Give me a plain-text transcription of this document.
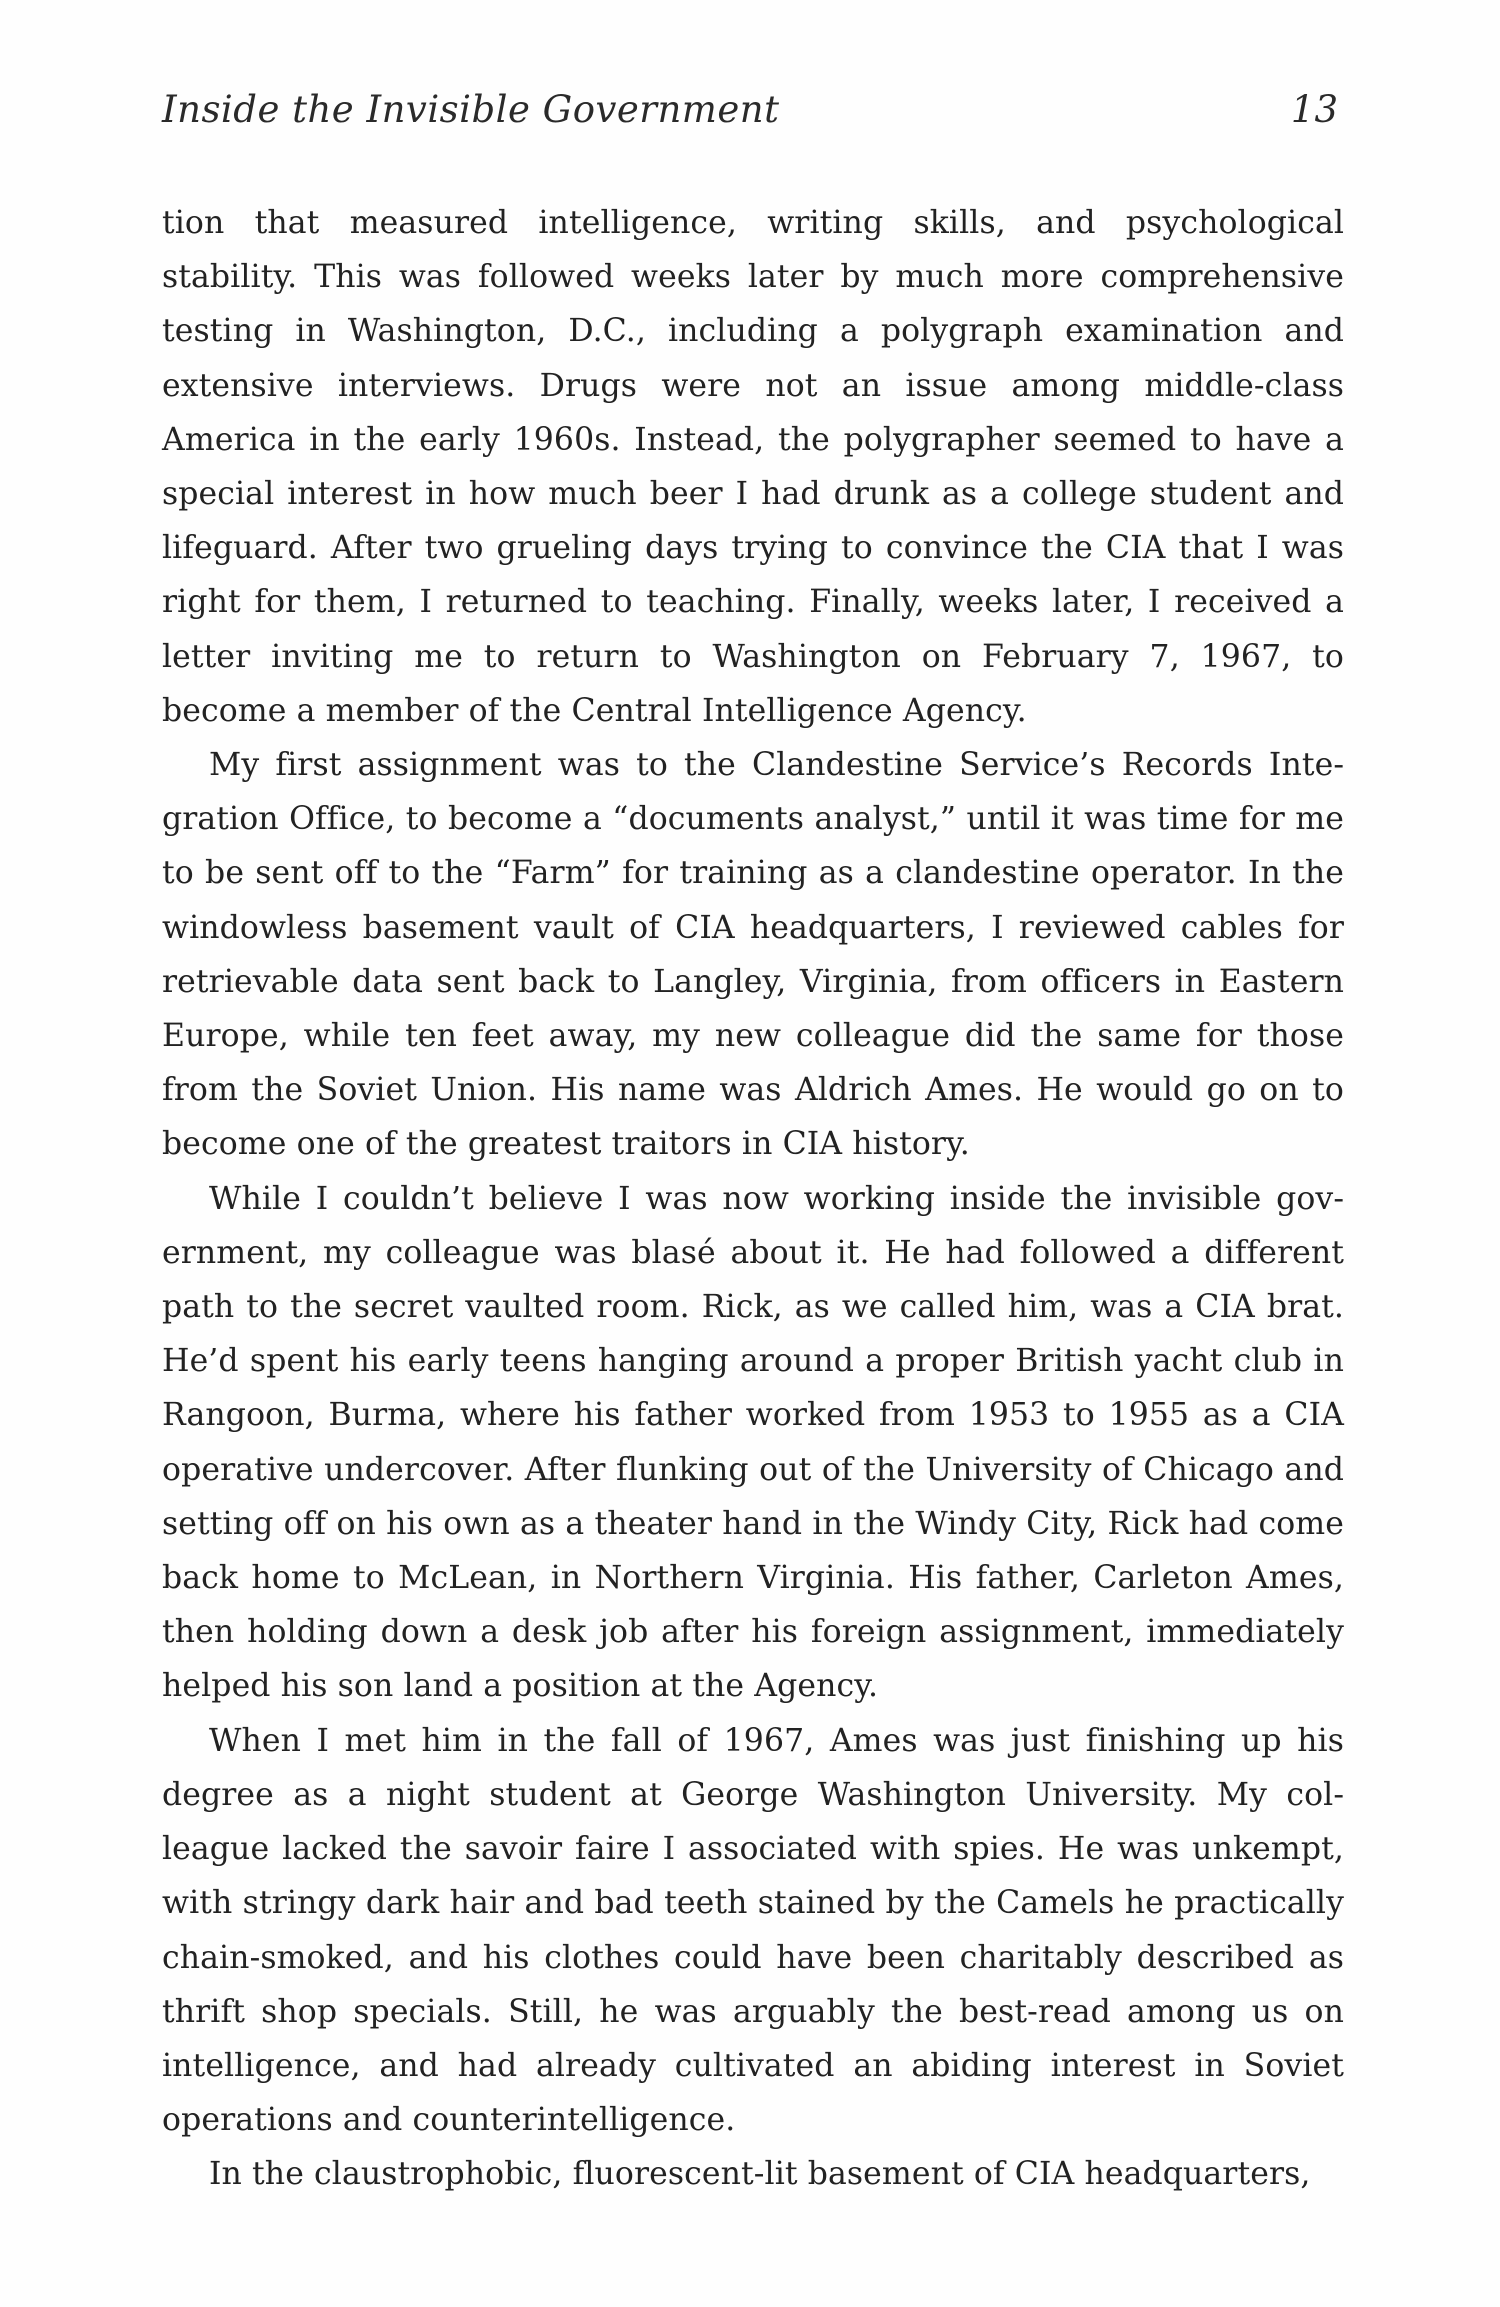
Inside the Invisible Government	13

tion that measured intelligence, writing skills, and psychological stability. This was followed weeks later by much more comprehensive testing in Washington, D.C., including a polygraph examination and extensive interviews. Drugs were not an issue among middle-class America in the early 1960s. Instead, the polygrapher seemed to have a special interest in how much beer I had drunk as a college student and lifeguard. After two grueling days trying to convince the CIA that I was right for them, I returned to teaching. Finally, weeks later, I received a letter inviting me to return to Washington on February 7, 1967, to become a member of the Central Intelligence Agency.

My first assignment was to the Clandestine Service’s Records Integration Office, to become a “documents analyst,” until it was time for me to be sent off to the “Farm” for training as a clandestine operator. In the windowless basement vault of CIA headquarters, I reviewed cables for retrievable data sent back to Langley, Virginia, from officers in Eastern Europe, while ten feet away, my new colleague did the same for those from the Soviet Union. His name was Aldrich Ames. He would go on to become one of the greatest traitors in CIA history.

While I couldn’t believe I was now working inside the invisible government, my colleague was blasé about it. He had followed a different path to the secret vaulted room. Rick, as we called him, was a CIA brat. He’d spent his early teens hanging around a proper British yacht club in Rangoon, Burma, where his father worked from 1953 to 1955 as a CIA operative undercover. After flunking out of the University of Chicago and setting off on his own as a theater hand in the Windy City, Rick had come back home to McLean, in Northern Virginia. His father, Carleton Ames, then holding down a desk job after his foreign assignment, immediately helped his son land a position at the Agency.

When I met him in the fall of 1967, Ames was just finishing up his degree as a night student at George Washington University. My colleague lacked the savoir faire I associated with spies. He was unkempt, with stringy dark hair and bad teeth stained by the Camels he practically chain-smoked, and his clothes could have been charitably described as thrift shop specials. Still, he was arguably the best-read among us on intelligence, and had already cultivated an abiding interest in Soviet operations and counterintelligence.

In the claustrophobic, fluorescent-lit basement of CIA headquarters,
